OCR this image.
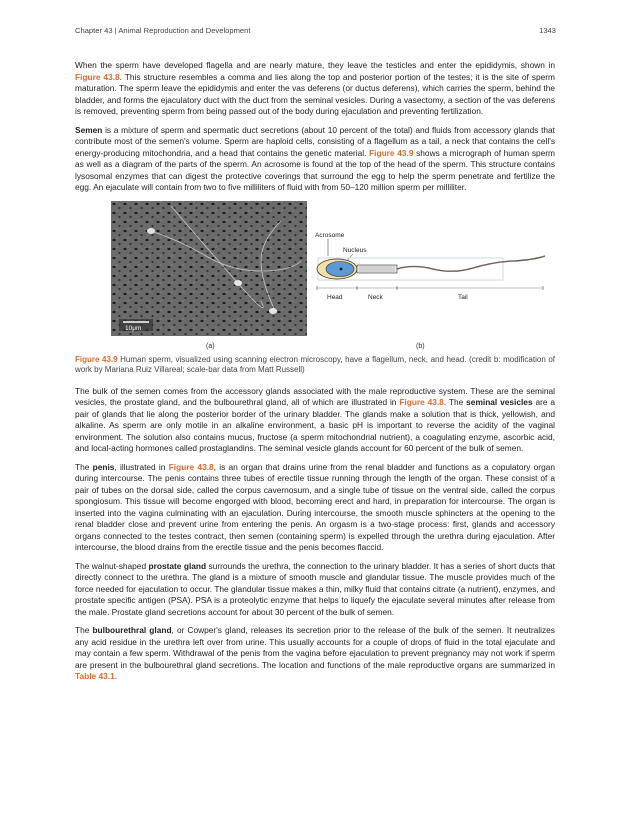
Chapter 43 | Animal Reproduction and Development	1343

When the sperm have developed flagella and are nearly mature, they leave the testicles and enter the epididymis, shown in Figure 43.8. This structure resembles a comma and lies along the top and posterior portion of the testes; it is the site of sperm maturation. The sperm leave the epididymis and enter the vas deferens (or ductus deferens), which carries the sperm, behind the bladder, and forms the ejaculatory duct with the duct from the seminal vesicles. During a vasectomy, a section of the vas deferens is removed, preventing sperm from being passed out of the body during ejaculation and preventing fertilization.

Semen is a mixture of sperm and spermatic duct secretions (about 10 percent of the total) and fluids from accessory glands that contribute most of the semen's volume. Sperm are haploid cells, consisting of a flagellum as a tail, a neck that contains the cell's energy-producing mitochondria, and a head that contains the genetic material. Figure 43.9 shows a micrograph of human sperm as well as a diagram of the parts of the sperm. An acrosome is found at the top of the head of the sperm. This structure contains lysosomal enzymes that can digest the protective coverings that surround the egg to help the sperm penetrate and fertilize the egg. An ejaculate will contain from two to five milliliters of fluid with from 50–120 million sperm per milliliter.

10μm
Acrosome
Nucleus
Head	Neck	Tail
(a)	(b)
Figure 43.9 Human sperm, visualized using scanning electron microscopy, have a flagellum, neck, and head. (credit b: modification of work by Mariana Ruiz Villareal; scale-bar data from Matt Russell)

The bulk of the semen comes from the accessory glands associated with the male reproductive system. These are the seminal vesicles, the prostate gland, and the bulbourethral gland, all of which are illustrated in Figure 43.8. The seminal vesicles are a pair of glands that lie along the posterior border of the urinary bladder. The glands make a solution that is thick, yellowish, and alkaline. As sperm are only motile in an alkaline environment, a basic pH is important to reverse the acidity of the vaginal environment. The solution also contains mucus, fructose (a sperm mitochondrial nutrient), a coagulating enzyme, ascorbic acid, and local-acting hormones called prostaglandins. The seminal vesicle glands account for 60 percent of the bulk of semen.

The penis, illustrated in Figure 43.8, is an organ that drains urine from the renal bladder and functions as a copulatory organ during intercourse. The penis contains three tubes of erectile tissue running through the length of the organ. These consist of a pair of tubes on the dorsal side, called the corpus cavernosum, and a single tube of tissue on the ventral side, called the corpus spongiosum. This tissue will become engorged with blood, becoming erect and hard, in preparation for intercourse. The organ is inserted into the vagina culminating with an ejaculation. During intercourse, the smooth muscle sphincters at the opening to the renal bladder close and prevent urine from entering the penis. An orgasm is a two-stage process: first, glands and accessory organs connected to the testes contract, then semen (containing sperm) is expelled through the urethra during ejaculation. After intercourse, the blood drains from the erectile tissue and the penis becomes flaccid.

The walnut-shaped prostate gland surrounds the urethra, the connection to the urinary bladder. It has a series of short ducts that directly connect to the urethra. The gland is a mixture of smooth muscle and glandular tissue. The muscle provides much of the force needed for ejaculation to occur. The glandular tissue makes a thin, milky fluid that contains citrate (a nutrient), enzymes, and prostate specific antigen (PSA). PSA is a proteolytic enzyme that helps to liquefy the ejaculate several minutes after release from the male. Prostate gland secretions account for about 30 percent of the bulk of semen.

The bulbourethral gland, or Cowper's gland, releases its secretion prior to the release of the bulk of the semen. It neutralizes any acid residue in the urethra left over from urine. This usually accounts for a couple of drops of fluid in the total ejaculate and may contain a few sperm. Withdrawal of the penis from the vagina before ejaculation to prevent pregnancy may not work if sperm are present in the bulbourethral gland secretions. The location and functions of the male reproductive organs are summarized in Table 43.1.
